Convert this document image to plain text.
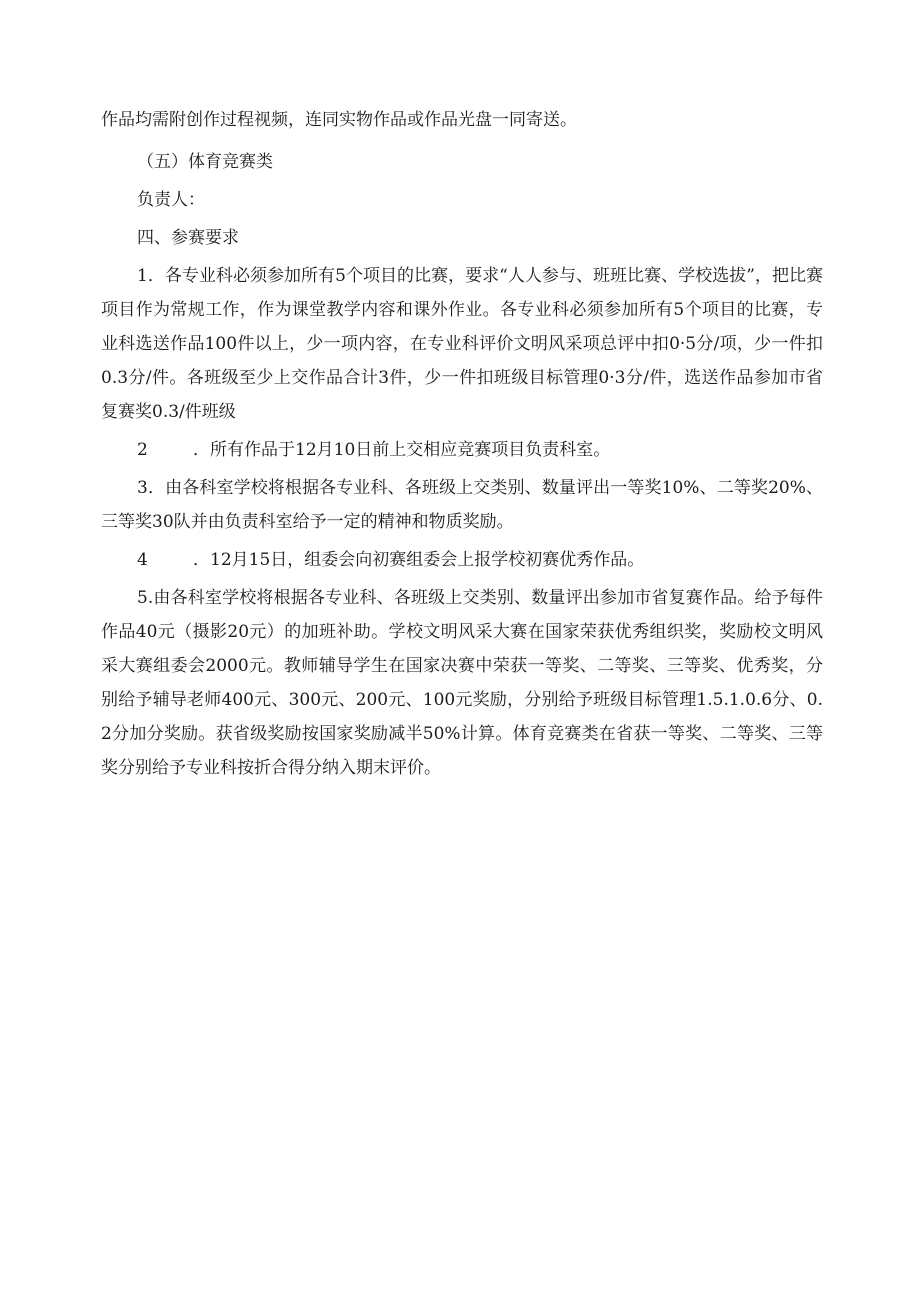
作品均需附创作过程视频，连同实物作品或作品光盘一同寄送。

（五）体育竞赛类

负责人：

四、参赛要求

1．各专业科必须参加所有5个项目的比赛，要求“人人参与、班班比赛、学校选拔”，把比赛项目作为常规工作，作为课堂教学内容和课外作业。各专业科必须参加所有5个项目的比赛，专业科选送作品100件以上，少一项内容，在专业科评价文明风采项总评中扣0·5分/项，少一件扣0.3分/件。各班级至少上交作品合计3件，少一件扣班级目标管理0·3分/件，选送作品参加市省复赛奖0.3/件班级

2	．所有作品于12月10日前上交相应竞赛项目负责科室。

3．由各科室学校将根据各专业科、各班级上交类别、数量评出一等奖10%、二等奖20%、三等奖30队并由负责科室给予一定的精神和物质奖励。

4	．12月15日，组委会向初赛组委会上报学校初赛优秀作品。

5.由各科室学校将根据各专业科、各班级上交类别、数量评出参加市省复赛作品。给予每件作品40元（摄影20元）的加班补助。学校文明风采大赛在国家荣获优秀组织奖，奖励校文明风采大赛组委会2000元。教师辅导学生在国家决赛中荣获一等奖、二等奖、三等奖、优秀奖，分别给予辅导老师400元、300元、200元、100元奖励，分别给予班级目标管理1.5.1.0.6分、0.2分加分奖励。获省级奖励按国家奖励减半50%计算。体育竞赛类在省获一等奖、二等奖、三等奖分别给予专业科按折合得分纳入期末评价。
